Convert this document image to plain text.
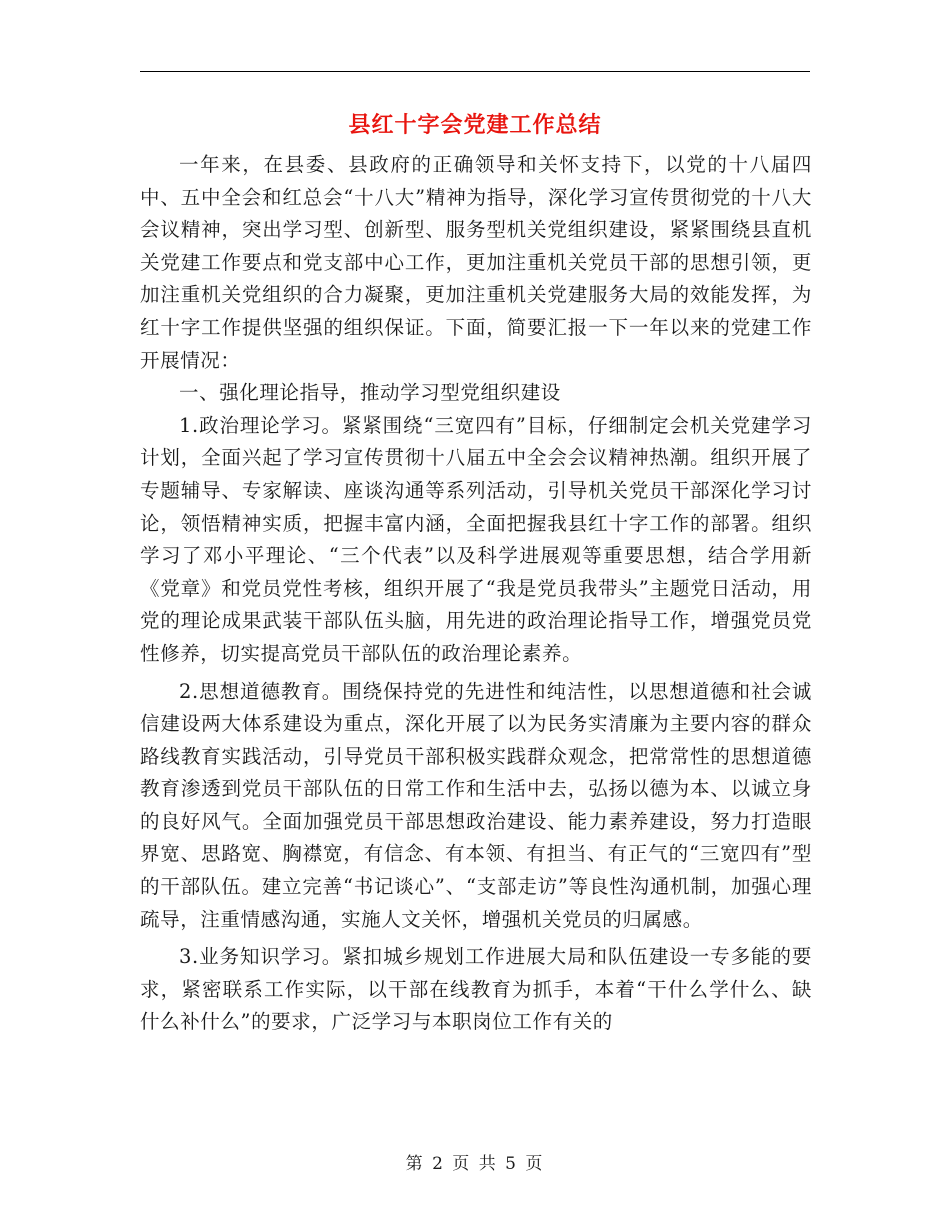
县红十字会党建工作总结

一年来，在县委、县政府的正确领导和关怀支持下，以党的十八届四中、五中全会和红总会“十八大”精神为指导，深化学习宣传贯彻党的十八大会议精神，突出学习型、创新型、服务型机关党组织建设，紧紧围绕县直机关党建工作要点和党支部中心工作，更加注重机关党员干部的思想引领，更加注重机关党组织的合力凝聚，更加注重机关党建服务大局的效能发挥，为红十字工作提供坚强的组织保证。下面，简要汇报一下一年以来的党建工作开展情况：

一、强化理论指导，推动学习型党组织建设

1.政治理论学习。紧紧围绕“三宽四有”目标，仔细制定会机关党建学习计划，全面兴起了学习宣传贯彻十八届五中全会会议精神热潮。组织开展了专题辅导、专家解读、座谈沟通等系列活动，引导机关党员干部深化学习讨论，领悟精神实质，把握丰富内涵，全面把握我县红十字工作的部署。组织学习了邓小平理论、“三个代表”以及科学进展观等重要思想，结合学用新《党章》和党员党性考核，组织开展了“我是党员我带头”主题党日活动，用党的理论成果武装干部队伍头脑，用先进的政治理论指导工作，增强党员党性修养，切实提高党员干部队伍的政治理论素养。

2.思想道德教育。围绕保持党的先进性和纯洁性，以思想道德和社会诚信建设两大体系建设为重点，深化开展了以为民务实清廉为主要内容的群众路线教育实践活动，引导党员干部积极实践群众观念，把常常性的思想道德教育渗透到党员干部队伍的日常工作和生活中去，弘扬以德为本、以诚立身的良好风气。全面加强党员干部思想政治建设、能力素养建设，努力打造眼界宽、思路宽、胸襟宽，有信念、有本领、有担当、有正气的“三宽四有”型的干部队伍。建立完善“书记谈心”、“支部走访”等良性沟通机制，加强心理疏导，注重情感沟通，实施人文关怀，增强机关党员的归属感。

3.业务知识学习。紧扣城乡规划工作进展大局和队伍建设一专多能的要求，紧密联系工作实际，以干部在线教育为抓手，本着“干什么学什么、缺什么补什么”的要求，广泛学习与本职岗位工作有关的

第 2 页 共 5 页
